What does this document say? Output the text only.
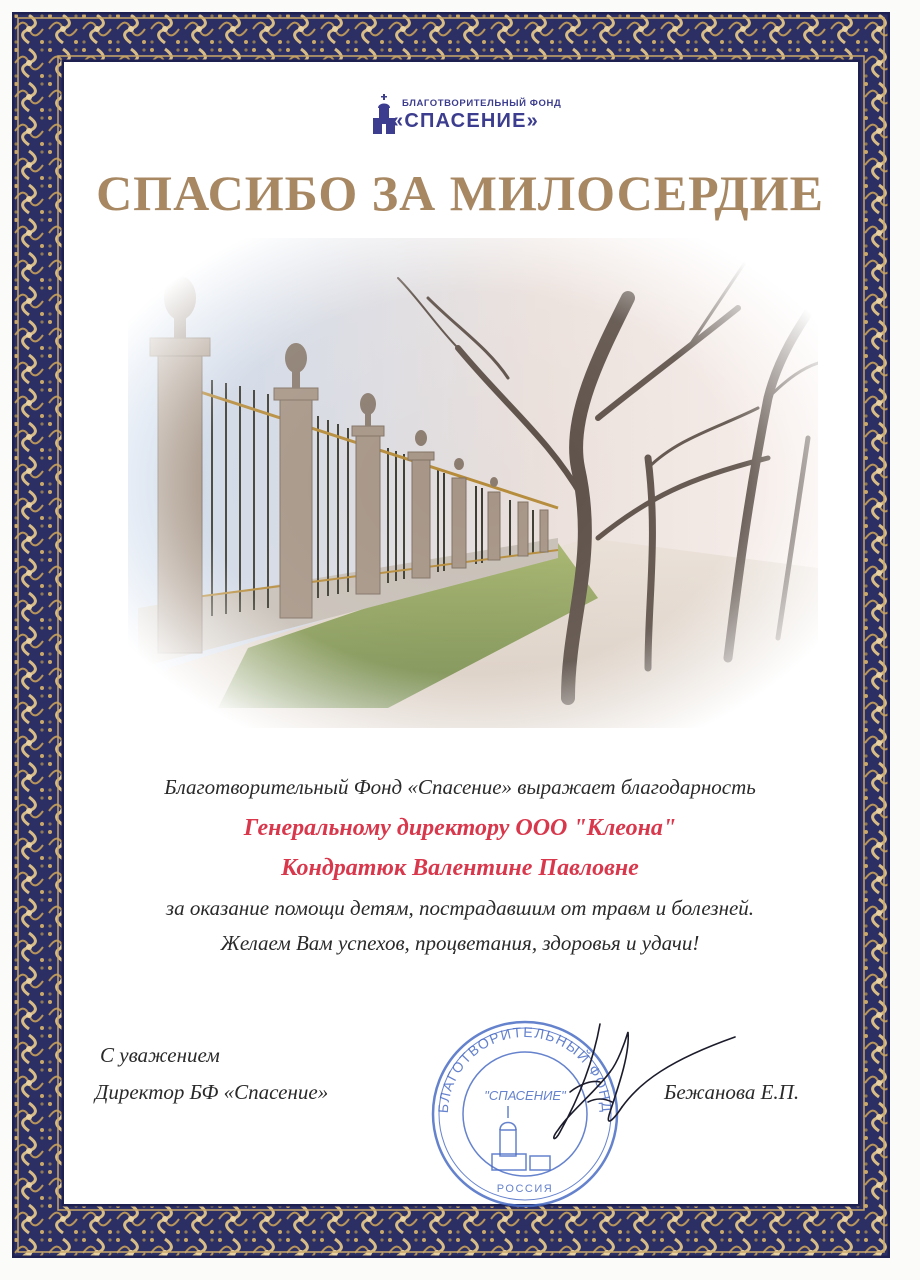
БЛАГОТВОРИТЕЛЬНЫЙ ФОНД
«СПАСЕНИЕ»
СПАСИБО ЗА МИЛОСЕРДИЕ
Благотворительный Фонд «Спасение» выражает благодарность
Генеральному директору ООО "Клеона"
Кондратюк Валентине Павловне
за оказание помощи детям, пострадавшим от травм и болезней.
Желаем Вам успехов, процветания, здоровья и удачи!
С уважением
Директор БФ «Спасение»	Бежанова Е.П.
БЛАГОТВОРИТЕЛЬНЫЙ ФОНД
"СПАСЕНИЕ"
РОССИЯ
